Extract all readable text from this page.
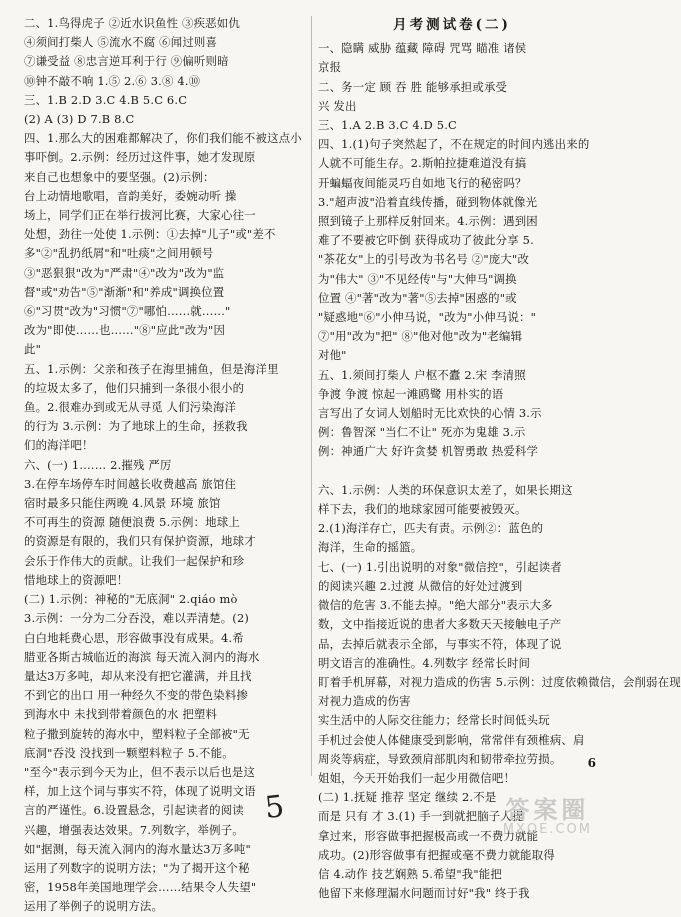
二、1.鸟得虎子 ②近水识鱼性 ③疾恶如仇
④须间打柴人 ⑤流水不腐 ⑥闻过则喜
⑦谦受益 ⑧忠言逆耳利于行 ⑨偏听则暗
⑩钟不敲不响 1.⑤ 2.⑥ 3.⑧ 4.⑩
三、1.B 2.D 3.C 4.B 5.C 6.C
(2) A (3) D 7.B 8.C
四、1.那么大的困难都解决了，你们我们能不被这点小
事吓倒。2.示例：经历过这件事，她才发现原
来自己也想象中的要坚强。(2)示例：
台上动情地歌唱，音韵美好，委婉动听 操
场上，同学们正在举行拔河比赛，大家心往一
处想，劲往一处使 1.示例：①去掉"儿子"或"差不
多"②"乱扔纸屑"和"吐痰"之间用顿号
③"恶狠狠"改为"严肃"④"改为"改为"监
督"或"劝告"⑤"渐渐"和"养成"调换位置
⑥"习贯"改为"习惯"⑦"哪怕……就……"
改为"即使……也……"⑧"应此"改为"因
此"
五、1.示例：父亲和孩子在海里捕鱼，但是海洋里
的垃圾太多了，他们只捕到一条很小很小的
鱼。2.很难办到或无从寻觅 人们污染海洋
的行为 3.示例：为了地球上的生命，拯救我
们的海洋吧！
六、(一) 1.…… 2.摧残 严厉
3.在停车场停车时间越长收费越高 旅馆住
宿时最多只能住两晚 4.风景 环境 旅馆
不可再生的资源 随便浪费 5.示例：地球上
的资源是有限的，我们只有保护资源，地球才
会乐于作伟大的贡献。让我们一起保护和珍
惜地球上的资源吧！
(二) 1.示例：神秘的"无底洞" 2.qiáo mò
3.示例：一分为二分吞没，难以弄清楚。(2)
白白地耗费心思，形容做事没有成果。4.希
腊亚各斯古城临近的海滨 每天流入洞内的海水
量达3万多吨，却从来没有把它灌满，并且找
不到它的出口 用一种经久不变的带色染料掺
到海水中 未找到带着颜色的水 把塑料
粒子撒到旋转的海水中，塑料粒子全部被"无
底洞"吞没 没找到一颗塑料粒子 5.不能。
"至今"表示到今天为止，但不表示以后也是这
样，加上这个词与事实不符，体现了说明文语
言的严谨性。6.设置悬念，引起读者的阅读
兴趣，增强表达效果。7.列数字，举例子。
如"据测，每天流入洞内的海水量达3万多吨"
运用了列数字的说明方法；"为了揭开这个秘
密，1958年美国地理学会……结果令人失望"
运用了举例子的说明方法。
月考测试卷(二)
一、隐瞒 威胁 蕴藏 障碍 咒骂 瞄准 诸侯
京报
二、务一定 顾 吞 胜 能够承担或承受
兴 发出
三、1.A 2.B 3.C 4.D 5.C
四、1.(1)句子突然起了，不在规定的时间内逃出来的
人就不可能生存。2.斯帕拉捷难道没有搞
开蝙蝠夜间能灵巧自如地飞行的秘密吗？
3."超声波"沿着直线传播，碰到物体就像光
照到镜子上那样反射回来。4.示例：遇到困
难了不要被它吓倒 获得成功了彼此分享 5.
"茶花女"上的引号改为书名号 ②"庞大"改
为"伟大" ③"不见经传"与"大伸马"调换
位置 ④"著"改为"著"⑤去掉"困惑的"或
"疑惑地"⑥"小伸马说，"改为"小伸马说："
⑦"用"改为"把" ⑧"他对他"改为"老编辑
对他"
五、1.须间打柴人 户枢不蠹 2.宋 李清照
争渡 争渡 惊起一滩鸥鹭 用朴实的语
言写出了女词人划船时无比欢快的心情 3.示
例：鲁智深 "当仁不让" 死亦为鬼雄 3.示
例：神通广大 好许贪婪 机智勇敢 热爱科学

六、1.示例：人类的环保意识太差了，如果长期这
样下去，我们的地球家园可能要被毁灭。
2.(1)海洋存亡，匹夫有责。示例②：蓝色的
海洋，生命的摇篮。
七、(一) 1.引出说明的对象"微信控"，引起读者
的阅读兴趣 2.过渡 从微信的好处过渡到
微信的危害 3.不能去掉。"绝大部分"表示大多
数，文中指接近说的患者大多数天天接触电子产
品，去掉后就表示全部，与事实不符，体现了说
明文语言的准确性。4.列数字 经常长时间
盯着手机屏幕，对视力造成的伤害 5.示例：过度依赖微信，会削弱在现
对视力造成的伤害
实生活中的人际交往能力；经常长时间低头玩
手机过会使人体健康受到影响，常常伴有颈椎病、肩
周炎等病症，导致颈肩部肌肉和韧带牵拉劳损。
姐姐，今天开始我们一起少用微信吧！
(二) 1.抚疑 推荐 坚定 继续 2.不是
而是 只有 才 3.(1) 手一到就把脑子人提
拿过来，形容做事把握极高或一不费力就能
成功。(2)形容做事有把握或毫不费力就能取得
信 4.动作 技艺娴熟 5.希望"我"能把
他留下来修理漏水问题而讨好"我" 终于我
5
6
答案圈
MXQE.COM
